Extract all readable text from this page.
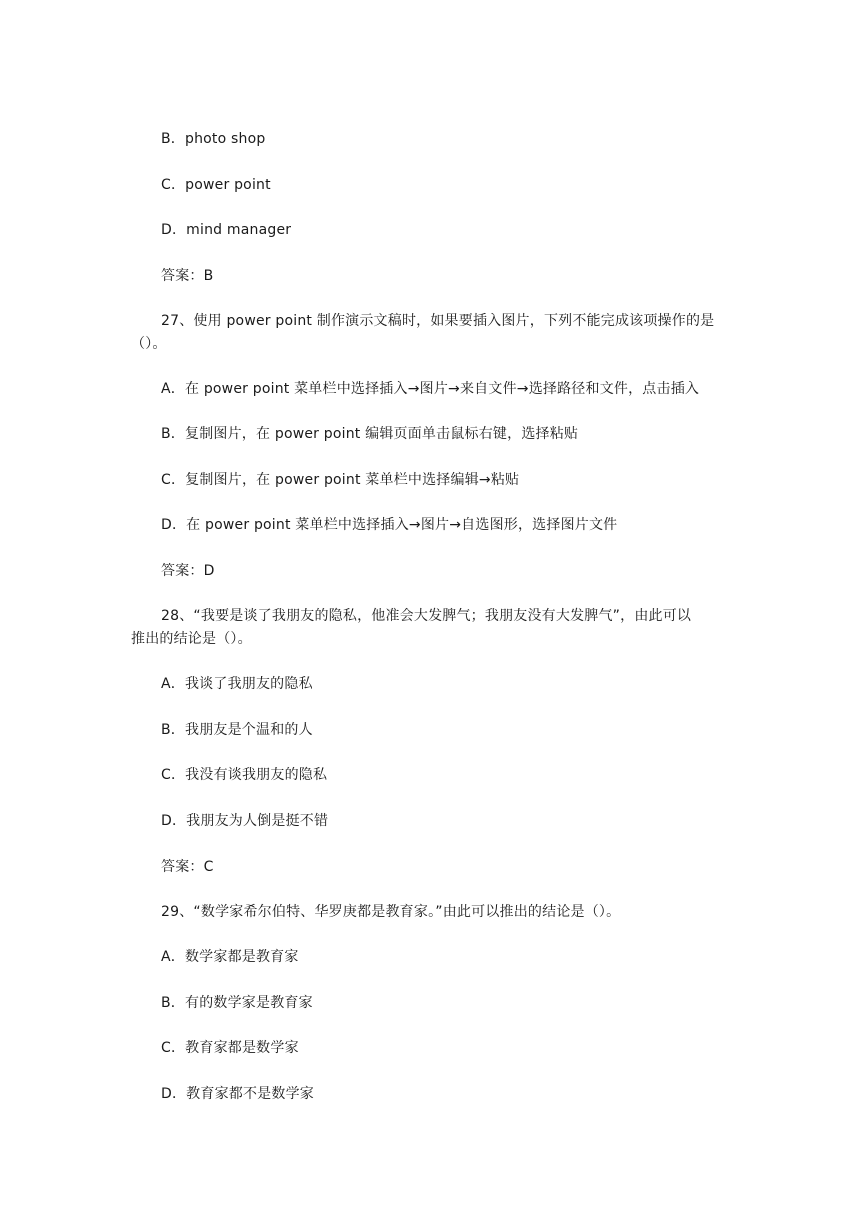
B．photo shop
C．power point
D．mind manager
答案：B
27、使用 power point 制作演示文稿时，如果要插入图片，下列不能完成该项操作的是
（）。
A．在 power point 菜单栏中选择插入→图片→来自文件→选择路径和文件，点击插入
B．复制图片，在 power point 编辑页面单击鼠标右键，选择粘贴
C．复制图片，在 power point 菜单栏中选择编辑→粘贴
D．在 power point 菜单栏中选择插入→图片→自选图形，选择图片文件
答案：D
28、“我要是谈了我朋友的隐私，他准会大发脾气；我朋友没有大发脾气”，由此可以
推出的结论是（）。
A．我谈了我朋友的隐私
B．我朋友是个温和的人
C．我没有谈我朋友的隐私
D．我朋友为人倒是挺不错
答案：C
29、“数学家希尔伯特、华罗庚都是教育家。”由此可以推出的结论是（）。
A．数学家都是教育家
B．有的数学家是教育家
C．教育家都是数学家
D．教育家都不是数学家
